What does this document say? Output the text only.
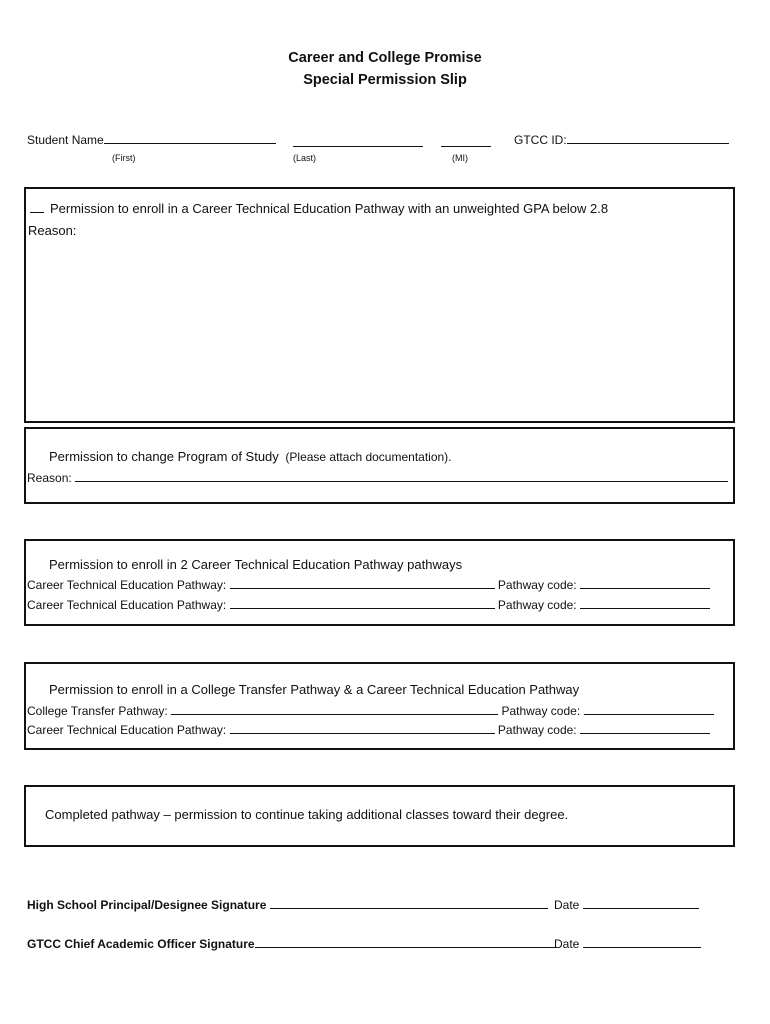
Career and College Promise
Special Permission Slip
Student Name	GTCC ID:
(First)	(Last)	(MI)
Permission to enroll in a Career Technical Education Pathway with an unweighted GPA below 2.8
Reason:
Permission to change Program of Study (Please attach documentation).
Reason:
Permission to enroll in 2 Career Technical Education Pathway pathways
Career Technical Education Pathway:	Pathway code:
Career Technical Education Pathway:	Pathway code:
Permission to enroll in a College Transfer Pathway & a Career Technical Education Pathway
College Transfer Pathway:	Pathway code:
Career Technical Education Pathway:	Pathway code:
Completed pathway – permission to continue taking additional classes toward their degree.
High School Principal/Designee Signature	Date
GTCC Chief Academic Officer Signature	Date
